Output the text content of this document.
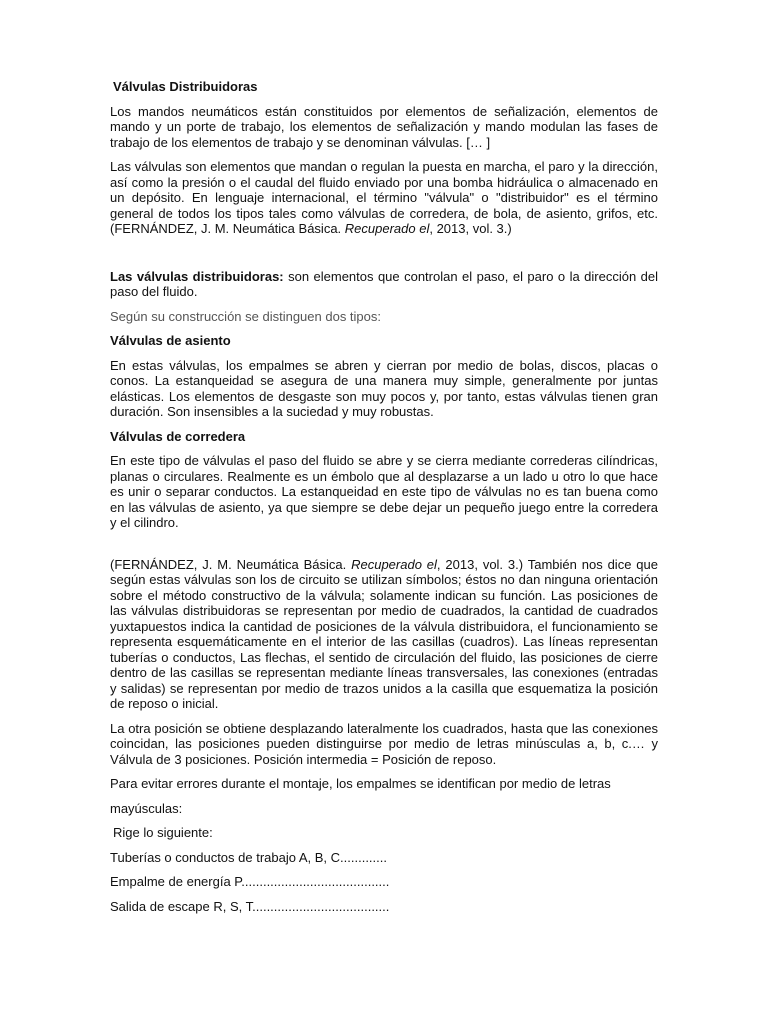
Válvulas Distribuidoras

Los mandos neumáticos están constituidos por elementos de señalización, elementos de mando y un porte de trabajo, los elementos de señalización y mando modulan las fases de trabajo de los elementos de trabajo y se denominan válvulas. [… ]

Las válvulas son elementos que mandan o regulan la puesta en marcha, el paro y la dirección, así como la presión o el caudal del fluido enviado por una bomba hidráulica o almacenado en un depósito. En lenguaje internacional, el término "válvula" o "distribuidor" es el término general de todos los tipos tales como válvulas de corredera, de bola, de asiento, grifos, etc. (FERNÁNDEZ, J. M. Neumática Básica. Recuperado el, 2013, vol. 3.)

Las válvulas distribuidoras: son elementos que controlan el paso, el paro o la dirección del paso del fluido.

Según su construcción se distinguen dos tipos:

Válvulas de asiento

En estas válvulas, los empalmes se abren y cierran por medio de bolas, discos, placas o conos. La estanqueidad se asegura de una manera muy simple, generalmente por juntas elásticas. Los elementos de desgaste son muy pocos y, por tanto, estas válvulas tienen gran duración. Son insensibles a la suciedad y muy robustas.

Válvulas de corredera

En este tipo de válvulas el paso del fluido se abre y se cierra mediante correderas cilíndricas, planas o circulares. Realmente es un émbolo que al desplazarse a un lado u otro lo que hace es unir o separar conductos. La estanqueidad en este tipo de válvulas no es tan buena como en las válvulas de asiento, ya que siempre se debe dejar un pequeño juego entre la corredera y el cilindro.

(FERNÁNDEZ, J. M. Neumática Básica. Recuperado el, 2013, vol. 3.) También nos dice que según estas válvulas son los de circuito se utilizan símbolos; éstos no dan ninguna orientación sobre el método constructivo de la válvula; solamente indican su función. Las posiciones de las válvulas distribuidoras se representan por medio de cuadrados, la cantidad de cuadrados yuxtapuestos indica la cantidad de posiciones de la válvula distribuidora, el funcionamiento se representa esquemáticamente en el interior de las casillas (cuadros). Las líneas representan tuberías o conductos, Las flechas, el sentido de circulación del fluido, las posiciones de cierre dentro de las casillas se representan mediante líneas transversales, las conexiones (entradas y salidas) se representan por medio de trazos unidos a la casilla que esquematiza la posición de reposo o inicial.

La otra posición se obtiene desplazando lateralmente los cuadrados, hasta que las conexiones coincidan, las posiciones pueden distinguirse por medio de letras minúsculas a, b, c.… y Válvula de 3 posiciones. Posición intermedia = Posición de reposo.

Para evitar errores durante el montaje, los empalmes se identifican por medio de letras

mayúsculas:

Rige lo siguiente:

Tuberías o conductos de trabajo A, B, C.............

Empalme de energía P.........................................

Salida de escape R, S, T......................................
